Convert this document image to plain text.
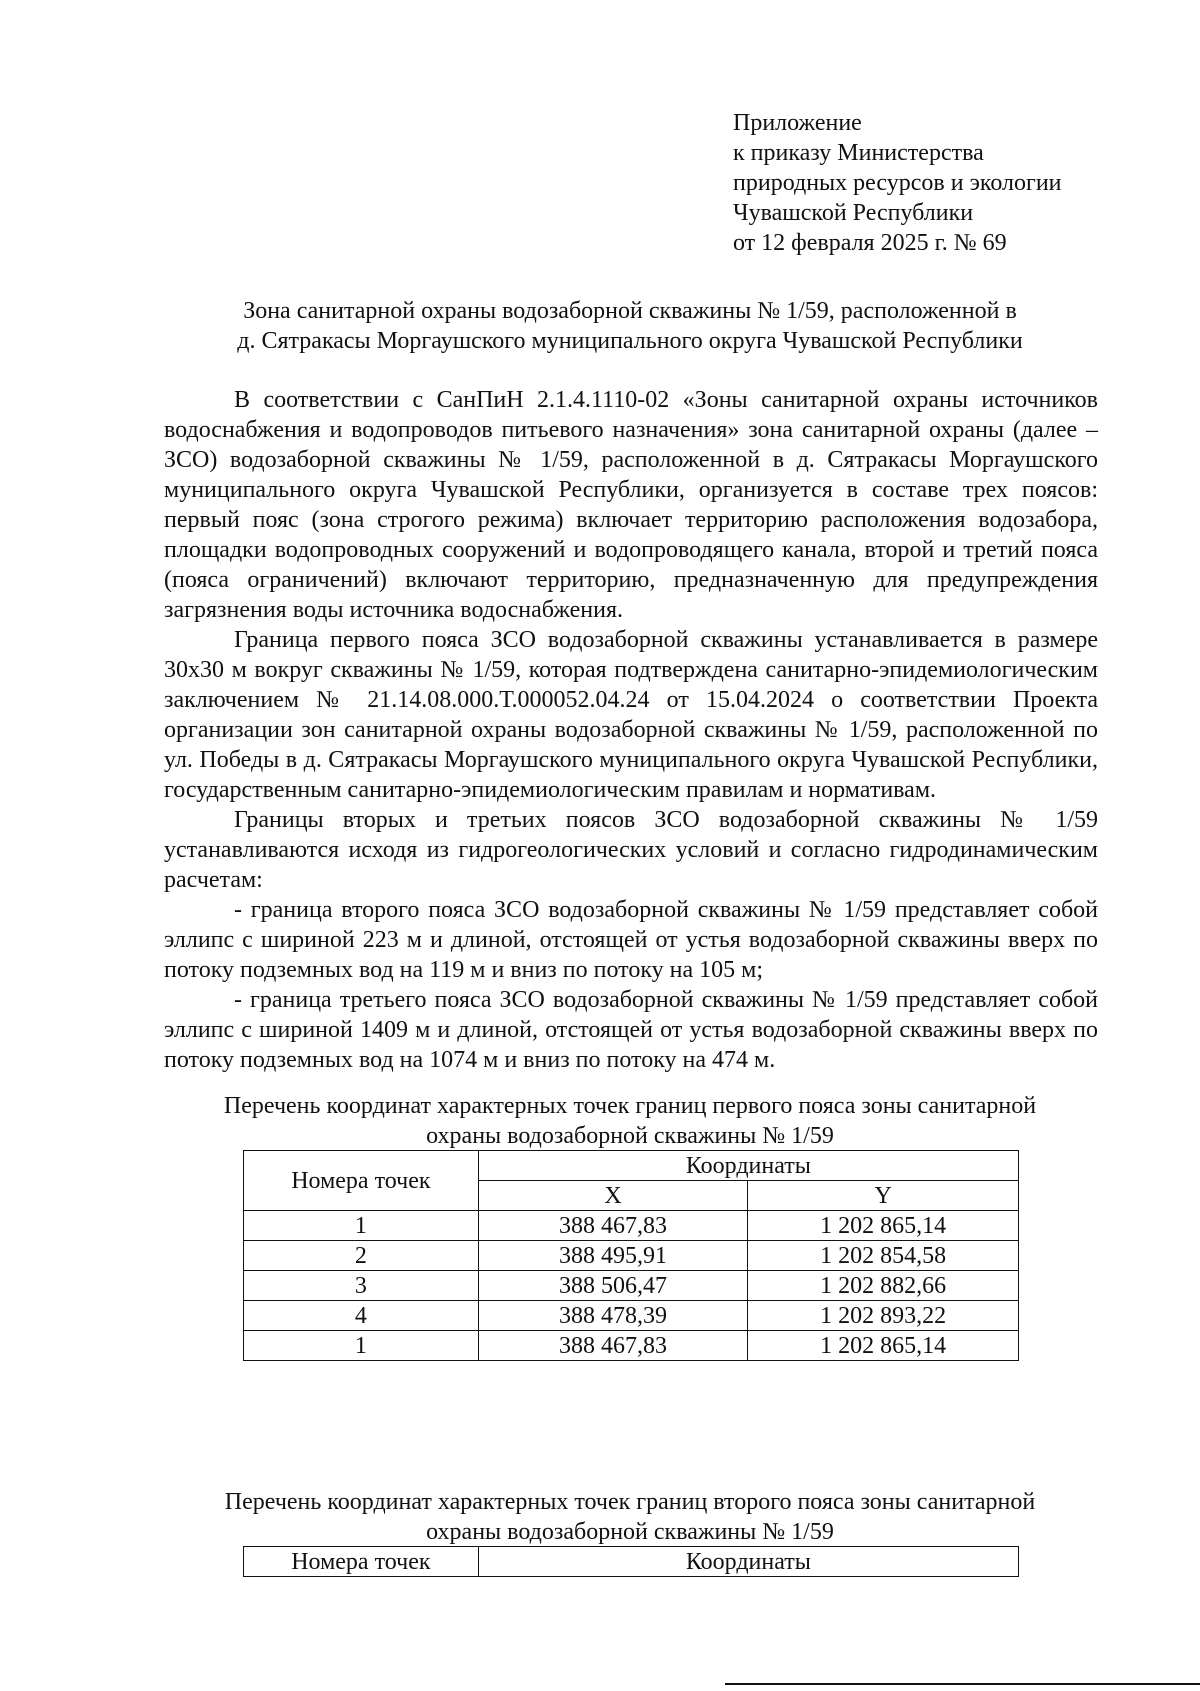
Приложение
к приказу Министерства
природных ресурсов и экологии
Чувашской Республики
от 12 февраля 2025 г. № 69
Зона санитарной охраны водозаборной скважины № 1/59, расположенной в
д. Сятракасы Моргаушского муниципального округа Чувашской Республики

В соответствии с СанПиН 2.1.4.1110-02 «Зоны санитарной охраны источников водоснабжения и водопроводов питьевого назначения» зона санитарной охраны (далее – ЗСО) водозаборной скважины № 1/59, расположенной в д. Сятракасы Моргаушского муниципального округа Чувашской Республики, организуется в составе трех поясов: первый пояс (зона строгого режима) включает территорию расположения водозабора, площадки водопроводных сооружений и водопроводящего канала, второй и третий пояса (пояса ограничений) включают территорию, предназначенную для предупреждения загрязнения воды источника водоснабжения.

Граница первого пояса ЗСО водозаборной скважины устанавливается в размере 30х30 м вокруг скважины № 1/59, которая подтверждена санитарно-эпидемиологическим заключением № 21.14.08.000.Т.000052.04.24 от 15.04.2024 о соответствии Проекта организации зон санитарной охраны водозаборной скважины № 1/59, расположенной по ул. Победы в д. Сятракасы Моргаушского муниципального округа Чувашской Республики, государственным санитарно-эпидемиологическим правилам и нормативам.

Границы вторых и третьих поясов ЗСО водозаборной скважины № 1/59 устанавливаются исходя из гидрогеологических условий и согласно гидродинамическим расчетам:

- граница второго пояса ЗСО водозаборной скважины № 1/59 представляет собой эллипс с шириной 223 м и длиной, отстоящей от устья водозаборной скважины вверх по потоку подземных вод на 119 м и вниз по потоку на 105 м;

- граница третьего пояса ЗСО водозаборной скважины № 1/59 представляет собой эллипс с шириной 1409 м и длиной, отстоящей от устья водозаборной скважины вверх по потоку подземных вод на 1074 м и вниз по потоку на 474 м.

Перечень координат характерных точек границ первого пояса зоны санитарной
охраны водозаборной скважины № 1/59
Номера точек	Координаты	
	X	Y
1	388 467,83	1 202 865,14
2	388 495,91	1 202 854,58
3	388 506,47	1 202 882,66
4	388 478,39	1 202 893,22
1	388 467,83	1 202 865,14
Перечень координат характерных точек границ второго пояса зоны санитарной
охраны водозаборной скважины № 1/59
Номера точек	Координаты
